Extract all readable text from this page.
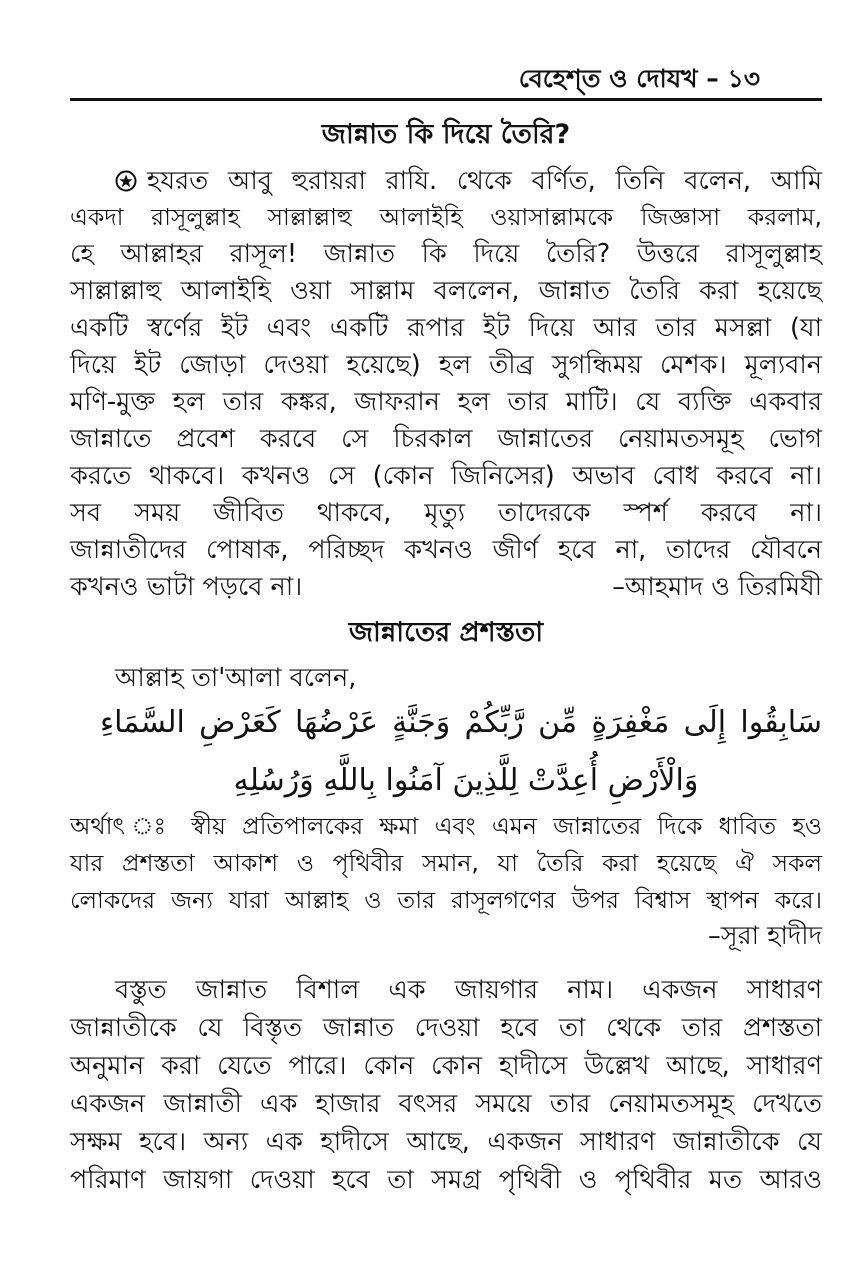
বেহেশ্‌ত ও দোযখ – ১৩
জান্নাত কি দিয়ে তৈরি?
হযরত আবু হুরায়রা রাযি. থেকে বর্ণিত, তিনি বলেন, আমি
একদা রাসূলুল্লাহ সাল্লাল্লাহু আলাইহি ওয়াসাল্লামকে জিজ্ঞাসা করলাম,
হে আল্লাহর রাসূল! জান্নাত কি দিয়ে তৈরি? উত্তরে রাসূলুল্লাহ
সাল্লাল্লাহু আলাইহি ওয়া সাল্লাম বললেন, জান্নাত তৈরি করা হয়েছে
একটি স্বর্ণের ইট এবং একটি রূপার ইট দিয়ে আর তার মসল্লা (যা
দিয়ে ইট জোড়া দেওয়া হয়েছে) হল তীব্র সুগন্ধিময় মেশক। মূল্যবান
মণি-মুক্ত হল তার কঙ্কর, জাফরান হল তার মাটি। যে ব্যক্তি একবার
জান্নাতে প্রবেশ করবে সে চিরকাল জান্নাতের নেয়ামতসমূহ ভোগ
করতে থাকবে। কখনও সে (কোন জিনিসের) অভাব বোধ করবে না।
সব সময় জীবিত থাকবে, মৃত্যু তাদেরকে স্পর্শ করবে না।
জান্নাতীদের পোষাক, পরিচ্ছদ কখনও জীর্ণ হবে না, তাদের যৌবনে
কখনও ভাটা পড়বে না।	–আহমাদ ও তিরমিযী
জান্নাতের প্রশস্ততা
আল্লাহ তা'আলা বলেন,
سَابِقُوا إِلَى مَغْفِرَةٍ مِّن رَّبِّكُمْ وَجَنَّةٍ عَرْضُهَا كَعَرْضِ السَّمَاءِ
وَالْأَرْضِ أُعِدَّتْ لِلَّذِينَ آمَنُوا بِاللَّهِ وَرُسُلِهِ
অর্থাৎ ঃ স্বীয় প্রতিপালকের ক্ষমা এবং এমন জান্নাতের দিকে ধাবিত হও
যার প্রশস্ততা আকাশ ও পৃথিবীর সমান, যা তৈরি করা হয়েছে ঐ সকল
লোকদের জন্য যারা আল্লাহ ও তার রাসূলগণের উপর বিশ্বাস স্থাপন করে।
–সূরা হাদীদ
বস্তুত জান্নাত বিশাল এক জায়গার নাম। একজন সাধারণ
জান্নাতীকে যে বিস্তৃত জান্নাত দেওয়া হবে তা থেকে তার প্রশস্ততা
অনুমান করা যেতে পারে। কোন কোন হাদীসে উল্লেখ আছে, সাধারণ
একজন জান্নাতী এক হাজার বৎসর সময়ে তার নেয়ামতসমূহ দেখতে
সক্ষম হবে। অন্য এক হাদীসে আছে, একজন সাধারণ জান্নাতীকে যে
পরিমাণ জায়গা দেওয়া হবে তা সমগ্র পৃথিবী ও পৃথিবীর মত আরও
